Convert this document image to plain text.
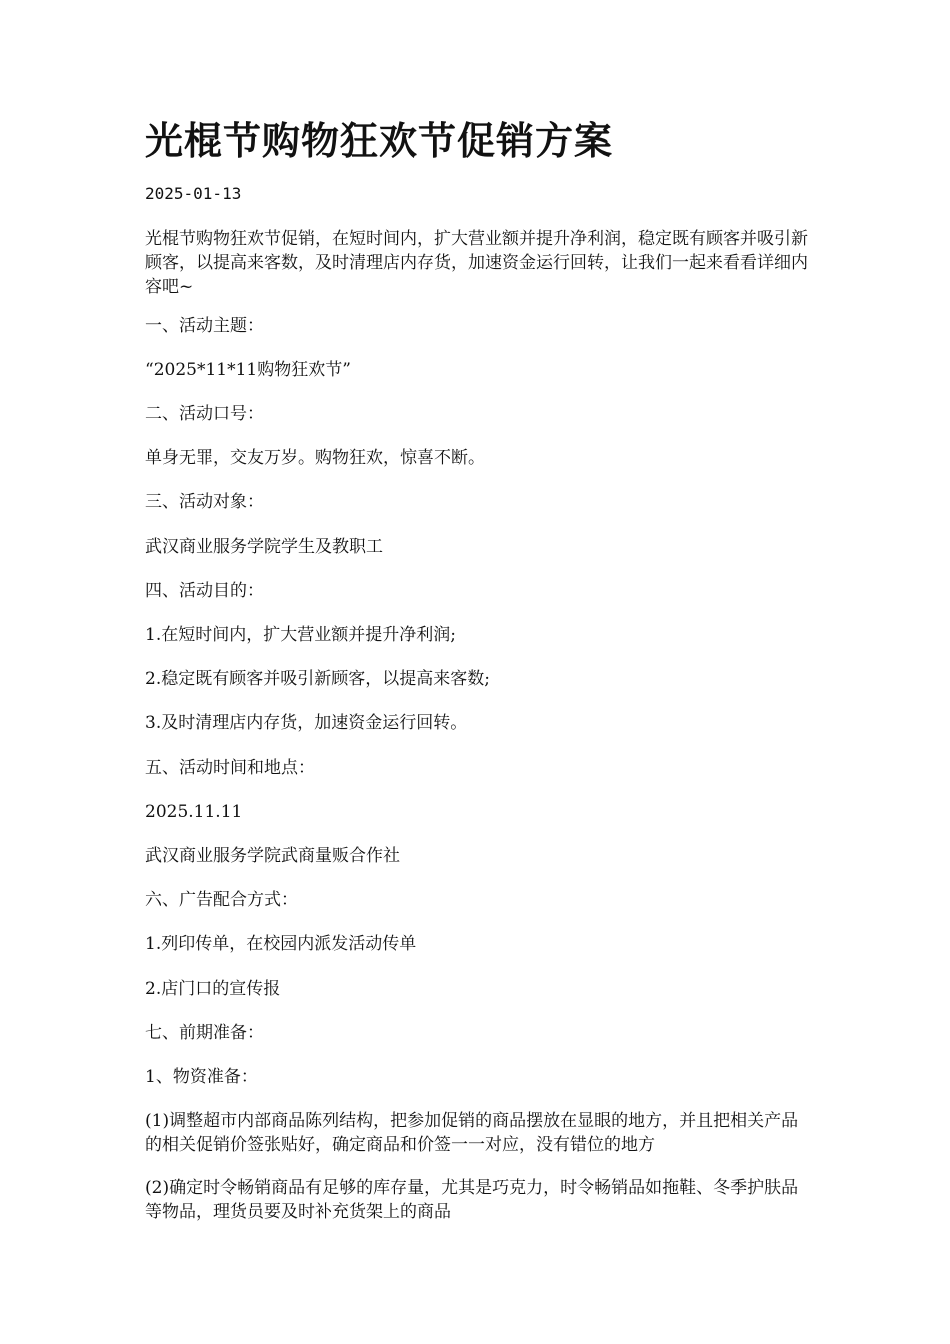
光棍节购物狂欢节促销方案
2025-01-13

光棍节购物狂欢节促销，在短时间内，扩大营业额并提升净利润，稳定既有顾客并吸引新顾客，以提高来客数，及时清理店内存货，加速资金运行回转，让我们一起来看看详细内容吧~

一、活动主题：

“2025*11*11购物狂欢节”

二、活动口号：

单身无罪，交友万岁。购物狂欢，惊喜不断。

三、活动对象：

武汉商业服务学院学生及教职工

四、活动目的：

1.在短时间内，扩大营业额并提升净利润;

2.稳定既有顾客并吸引新顾客，以提高来客数;

3.及时清理店内存货，加速资金运行回转。

五、活动时间和地点：

2025.11.11

武汉商业服务学院武商量贩合作社

六、广告配合方式：

1.列印传单，在校园内派发活动传单

2.店门口的宣传报

七、前期准备：

1、物资准备：

(1)调整超市内部商品陈列结构，把参加促销的商品摆放在显眼的地方，并且把相关产品的相关促销价签张贴好，确定商品和价签一一对应，没有错位的地方

(2)确定时令畅销商品有足够的库存量，尤其是巧克力，时令畅销品如拖鞋、冬季护肤品等物品，理货员要及时补充货架上的商品
